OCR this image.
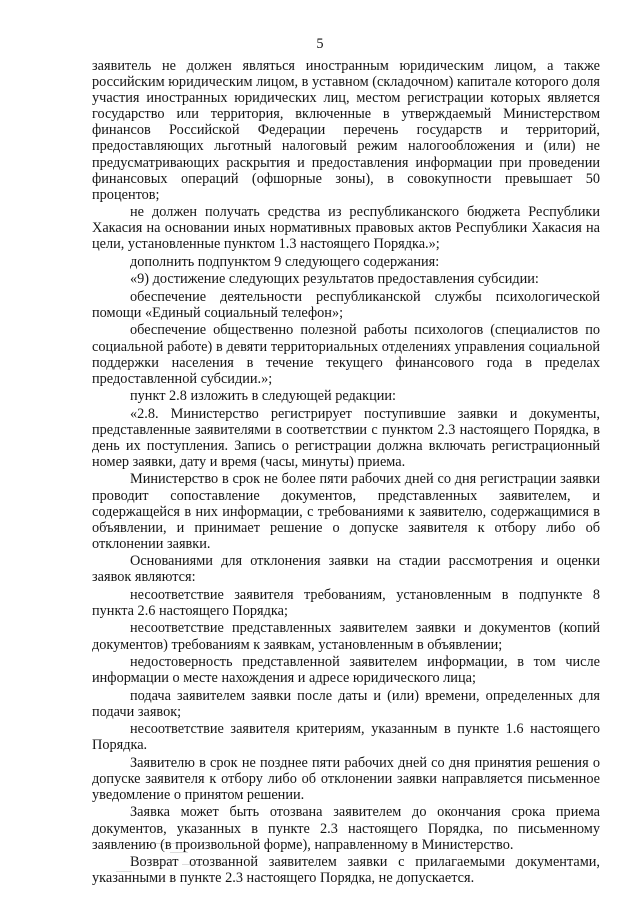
5

заявитель не должен являться иностранным юридическим лицом, а также российским юридическим лицом, в уставном (складочном) капитале которого доля участия иностранных юридических лиц, местом регистрации которых является государство или территория, включенные в утверждаемый Министерством финансов Российской Федерации перечень государств и территорий, предоставляющих льготный налоговый режим налогообложения и (или) не предусматривающих раскрытия и предоставления информации при проведении финансовых операций (офшорные зоны), в совокупности превышает 50 процентов;

не должен получать средства из республиканского бюджета Республики Хакасия на основании иных нормативных правовых актов Республики Хакасия на цели, установленные пунктом 1.3 настоящего Порядка.»;

дополнить подпунктом 9 следующего содержания:

«9) достижение следующих результатов предоставления субсидии:

обеспечение деятельности республиканской службы психологической помощи «Единый социальный телефон»;

обеспечение общественно полезной работы психологов (специалистов по социальной работе) в девяти территориальных отделениях управления социальной поддержки населения в течение текущего финансового года в пределах предоставленной субсидии.»;

пункт 2.8 изложить в следующей редакции:

«2.8. Министерство регистрирует поступившие заявки и документы, представленные заявителями в соответствии с пунктом 2.3 настоящего Порядка, в день их поступления. Запись о регистрации должна включать регистрационный номер заявки, дату и время (часы, минуты) приема.

Министерство в срок не более пяти рабочих дней со дня регистрации заявки проводит сопоставление документов, представленных заявителем, и содержащейся в них информации, с требованиями к заявителю, содержащимися в объявлении, и принимает решение о допуске заявителя к отбору либо об отклонении заявки.

Основаниями для отклонения заявки на стадии рассмотрения и оценки заявок являются:

несоответствие заявителя требованиям, установленным в подпункте 8 пункта 2.6 настоящего Порядка;

несоответствие представленных заявителем заявки и документов (копий документов) требованиям к заявкам, установленным в объявлении;

недостоверность представленной заявителем информации, в том числе информации о месте нахождения и адресе юридического лица;

подача заявителем заявки после даты и (или) времени, определенных для подачи заявок;

несоответствие заявителя критериям, указанным в пункте 1.6 настоящего Порядка.

Заявителю в срок не позднее пяти рабочих дней со дня принятия решения о допуске заявителя к отбору либо об отклонении заявки направляется письменное уведомление о принятом решении.

Заявка может быть отозвана заявителем до окончания срока приема документов, указанных в пункте 2.3 настоящего Порядка, по письменному заявлению (в произвольной форме), направленному в Министерство.

Возврат отозванной заявителем заявки с прилагаемыми документами, указанными в пункте 2.3 настоящего Порядка, не допускается.
